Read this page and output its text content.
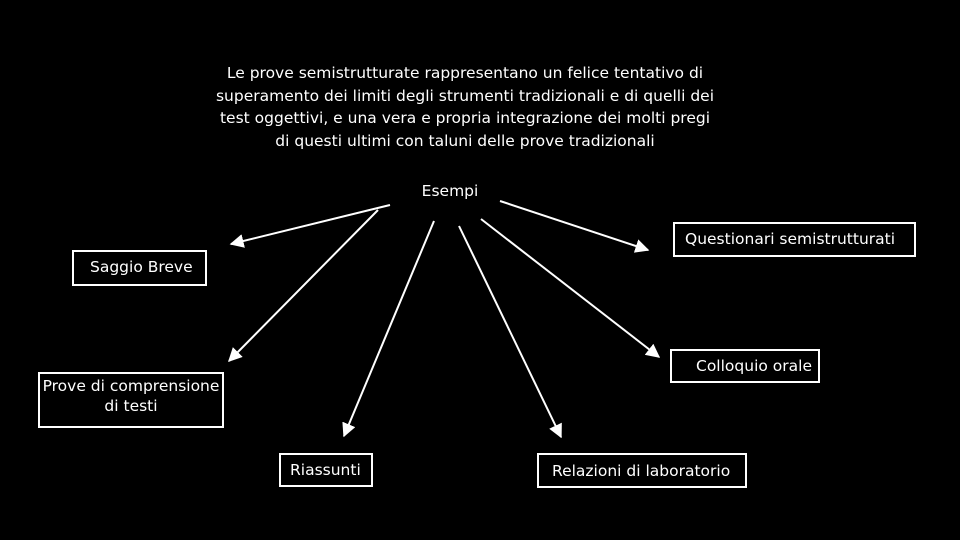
Le prove semistrutturate rappresentano un felice tentativo di
superamento dei limiti degli strumenti tradizionali e di quelli dei
test oggettivi, e una vera e propria integrazione dei molti pregi
di questi ultimi con taluni delle prove tradizionali
Esempi
Saggio Breve
Questionari semistrutturati
Prove di comprensione
di testi
Colloquio orale
Riassunti	Relazioni di laboratorio
